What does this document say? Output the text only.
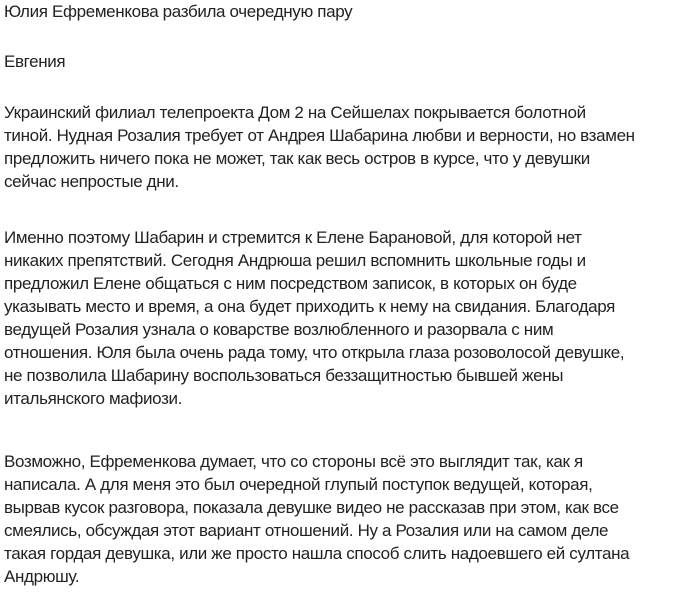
Юлия Ефременкова разбила очередную пару
Евгения
Украинский филиал телепроекта Дом 2 на Сейшелах покрывается болотной
тиной. Нудная Розалия требует от Андрея Шабарина любви и верности, но взамен
предложить ничего пока не может, так как весь остров в курсе, что у девушки
сейчас непростые дни.
Именно поэтому Шабарин и стремится к Елене Барановой, для которой нет
никаких препятствий. Сегодня Андрюша решил вспомнить школьные годы и
предложил Елене общаться с ним посредством записок, в которых он буде
указывать место и время, а она будет приходить к нему на свидания. Благодаря
ведущей Розалия узнала о коварстве возлюбленного и разорвала с ним
отношения. Юля была очень рада тому, что открыла глаза розоволосой девушке,
не позволила Шабарину воспользоваться беззащитностью бывшей жены
итальянского мафиози.
Возможно, Ефременкова думает, что со стороны всё это выглядит так, как я
написала. А для меня это был очередной глупый поступок ведущей, которая,
вырвав кусок разговора, показала девушке видео не рассказав при этом, как все
смеялись, обсуждая этот вариант отношений. Ну а Розалия или на самом деле
такая гордая девушка, или же просто нашла способ слить надоевшего ей султана
Андрюшу.
